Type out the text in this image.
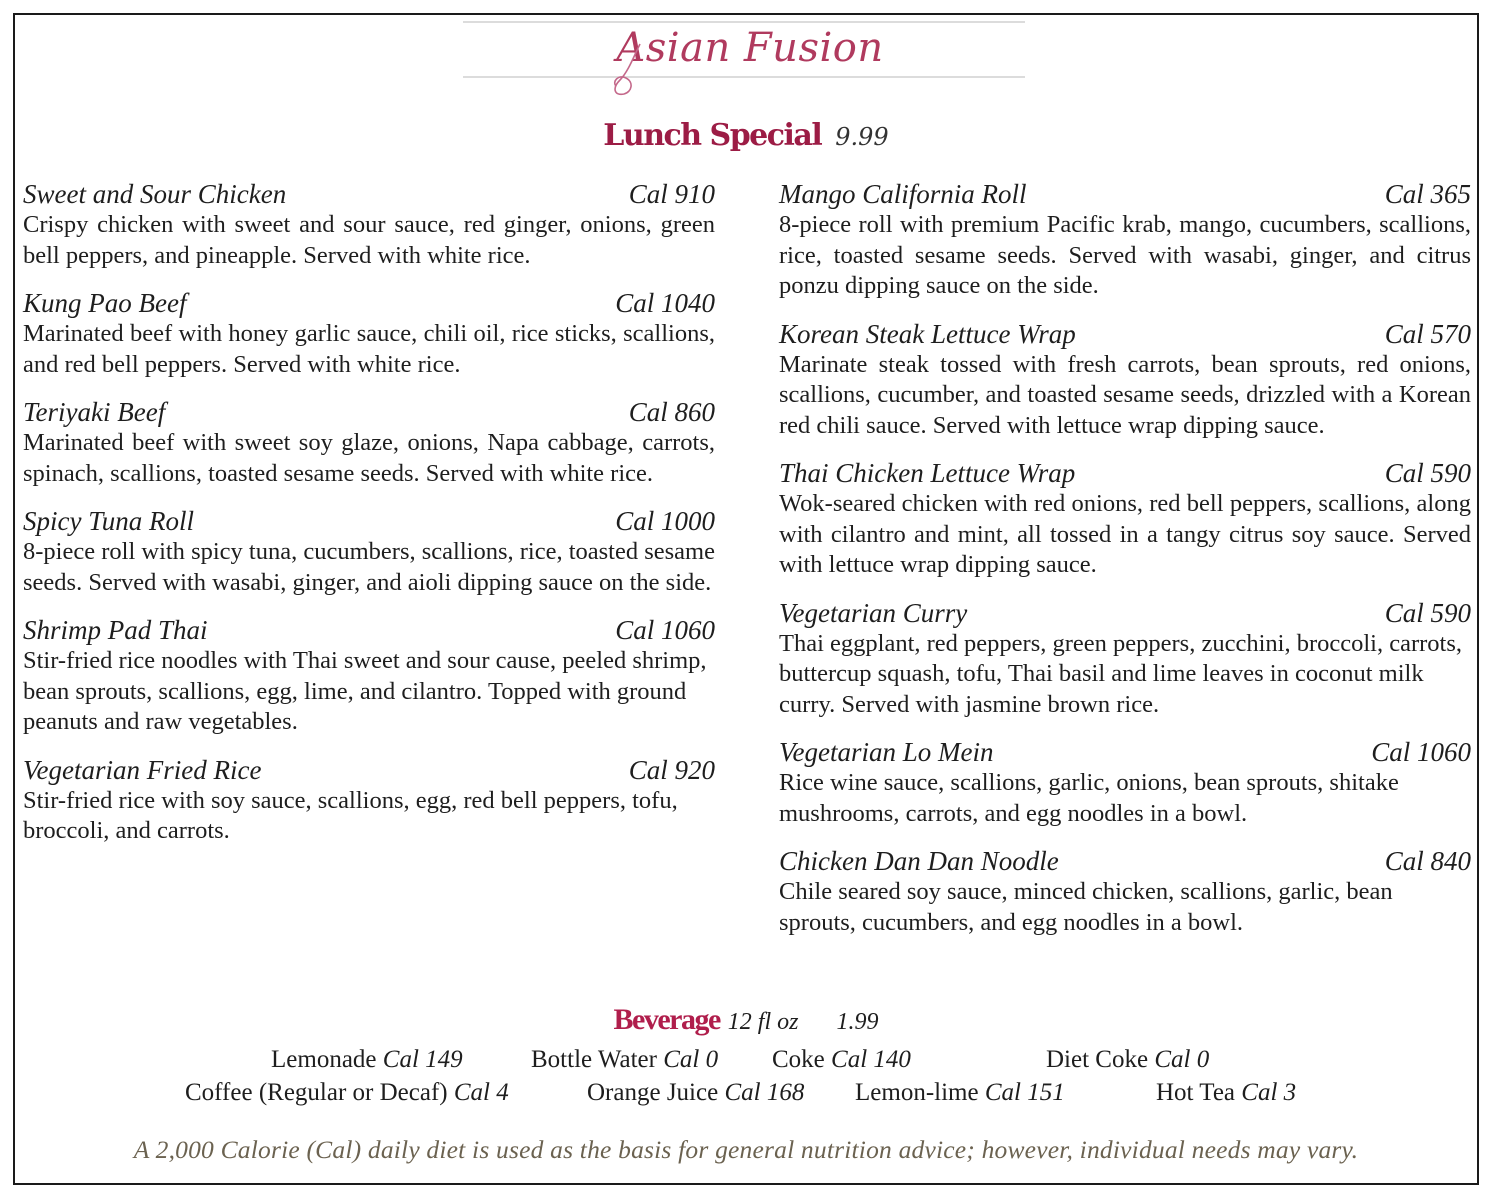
Asian Fusion
Lunch Special 9.99
Sweet and Sour Chicken	Cal 910
Crispy chicken with sweet and sour sauce, red ginger, onions, green bell peppers, and pineapple. Served with white rice.
Kung Pao Beef	Cal 1040
Marinated beef with honey garlic sauce, chili oil, rice sticks, scallions, and red bell peppers. Served with white rice.
Teriyaki Beef	Cal 860
Marinated beef with sweet soy glaze, onions, Napa cabbage, carrots, spinach, scallions, toasted sesame seeds. Served with white rice.
Spicy Tuna Roll	Cal 1000
8-piece roll with spicy tuna, cucumbers, scallions, rice, toasted sesame seeds. Served with wasabi, ginger, and aioli dipping sauce on the side.
Shrimp Pad Thai	Cal 1060
Stir-fried rice noodles with Thai sweet and sour cause, peeled shrimp, bean sprouts, scallions, egg, lime, and cilantro. Topped with ground peanuts and raw vegetables.
Vegetarian Fried Rice	Cal 920
Stir-fried rice with soy sauce, scallions, egg, red bell peppers, tofu, broccoli, and carrots.
Mango California Roll	Cal 365
8-piece roll with premium Pacific krab, mango, cucumbers, scallions, rice, toasted sesame seeds. Served with wasabi, ginger, and citrus ponzu dipping sauce on the side.
Korean Steak Lettuce Wrap	Cal 570
Marinate steak tossed with fresh carrots, bean sprouts, red onions, scallions, cucumber, and toasted sesame seeds, drizzled with a Korean red chili sauce. Served with lettuce wrap dipping sauce.
Thai Chicken Lettuce Wrap	Cal 590
Wok-seared chicken with red onions, red bell peppers, scallions, along with cilantro and mint, all tossed in a tangy citrus soy sauce. Served with lettuce wrap dipping sauce.
Vegetarian Curry	Cal 590
Thai eggplant, red peppers, green peppers, zucchini, broccoli, carrots, buttercup squash, tofu, Thai basil and lime leaves in coconut milk curry. Served with jasmine brown rice.
Vegetarian Lo Mein	Cal 1060
Rice wine sauce, scallions, garlic, onions, bean sprouts, shitake mushrooms, carrots, and egg noodles in a bowl.
Chicken Dan Dan Noodle	Cal 840
Chile seared soy sauce, minced chicken, scallions, garlic, bean sprouts, cucumbers, and egg noodles in a bowl.
Beverage 12 fl oz 1.99
Lemonade Cal 149	Bottle Water Cal 0 Coke Cal 140	Diet Coke Cal 0
Coffee (Regular or Decaf) Cal 4	Orange Juice Cal 168 Lemon-lime Cal 151	Hot Tea Cal 3
A 2,000 Calorie (Cal) daily diet is used as the basis for general nutrition advice; however, individual needs may vary.
